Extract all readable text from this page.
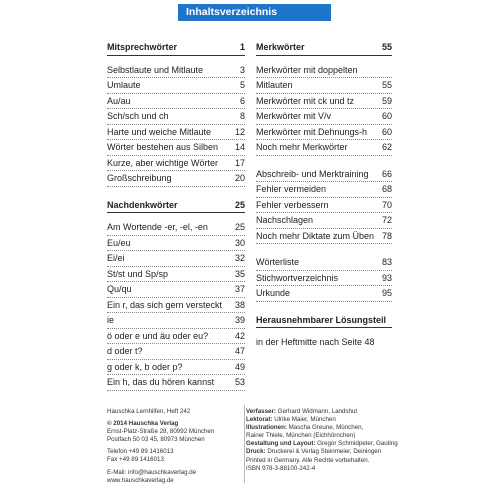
Inhaltsverzeichnis
Mitsprechwörter	1
Selbstlaute und Mitlaute	3
Umlaute	5
Au/au	6
Sch/sch und ch	8
Harte und weiche Mitlaute	12
Wörter bestehen aus Silben 14
Kurze, aber wichtige Wörter 17
Großschreibung	20
Nachdenkwörter	25
Am Wortende -er, -el, -en	25
Eu/eu	30
Ei/ei	32
St/st und Sp/sp	35
Qu/qu	37
Ein r, das sich gern versteckt 38
ie	39
ö oder e und äu oder eu?	42
d oder t?	47
g oder k, b oder p?	49
Ein h, das du hören kannst 53
Merkwörter	55
Merkwörter mit doppelten
Mitlauten	55
Merkwörter mit ck und tz	59
Merkwörter mit V/v	60
Merkwörter mit Dehnungs-h 60
Noch mehr Merkwörter	62
Abschreib- und Merktraining 66
Fehler vermeiden	68
Fehler verbessern	70
Nachschlagen	72
Noch mehr Diktate zum Üben 78
Wörterliste	83
Stichwortverzeichnis	93
Urkunde	95
Herausnehmbarer Lösungsteil
in der Heftmitte nach Seite 48
Hauschka Lernhilfen, Heft 242
© 2014 Hauschka Verlag
Ernst-Platz-Straße 28, 80992 München
Postfach 50 03 45, 80973 München
Telefon +49 89 1416013
Fax +49 89 1416013
E-Mail: info@hauschkaverlag.de
www.hauschkaverlag.de
Verfasser: Gerhard Widmann, Landshut
Lektorat: Ulrike Maier, München
Illustrationen: Mascha Greune, München,
Rainer Thiele, München (Eichhörnchen)
Gestaltung und Layout: Gregor Schmidpeter, Gauting
Druck: Druckerei & Verlag Steinmeier, Deiningen
Printed in Germany. Alle Rechte vorbehalten.
ISBN 978-3-88100-242-4
